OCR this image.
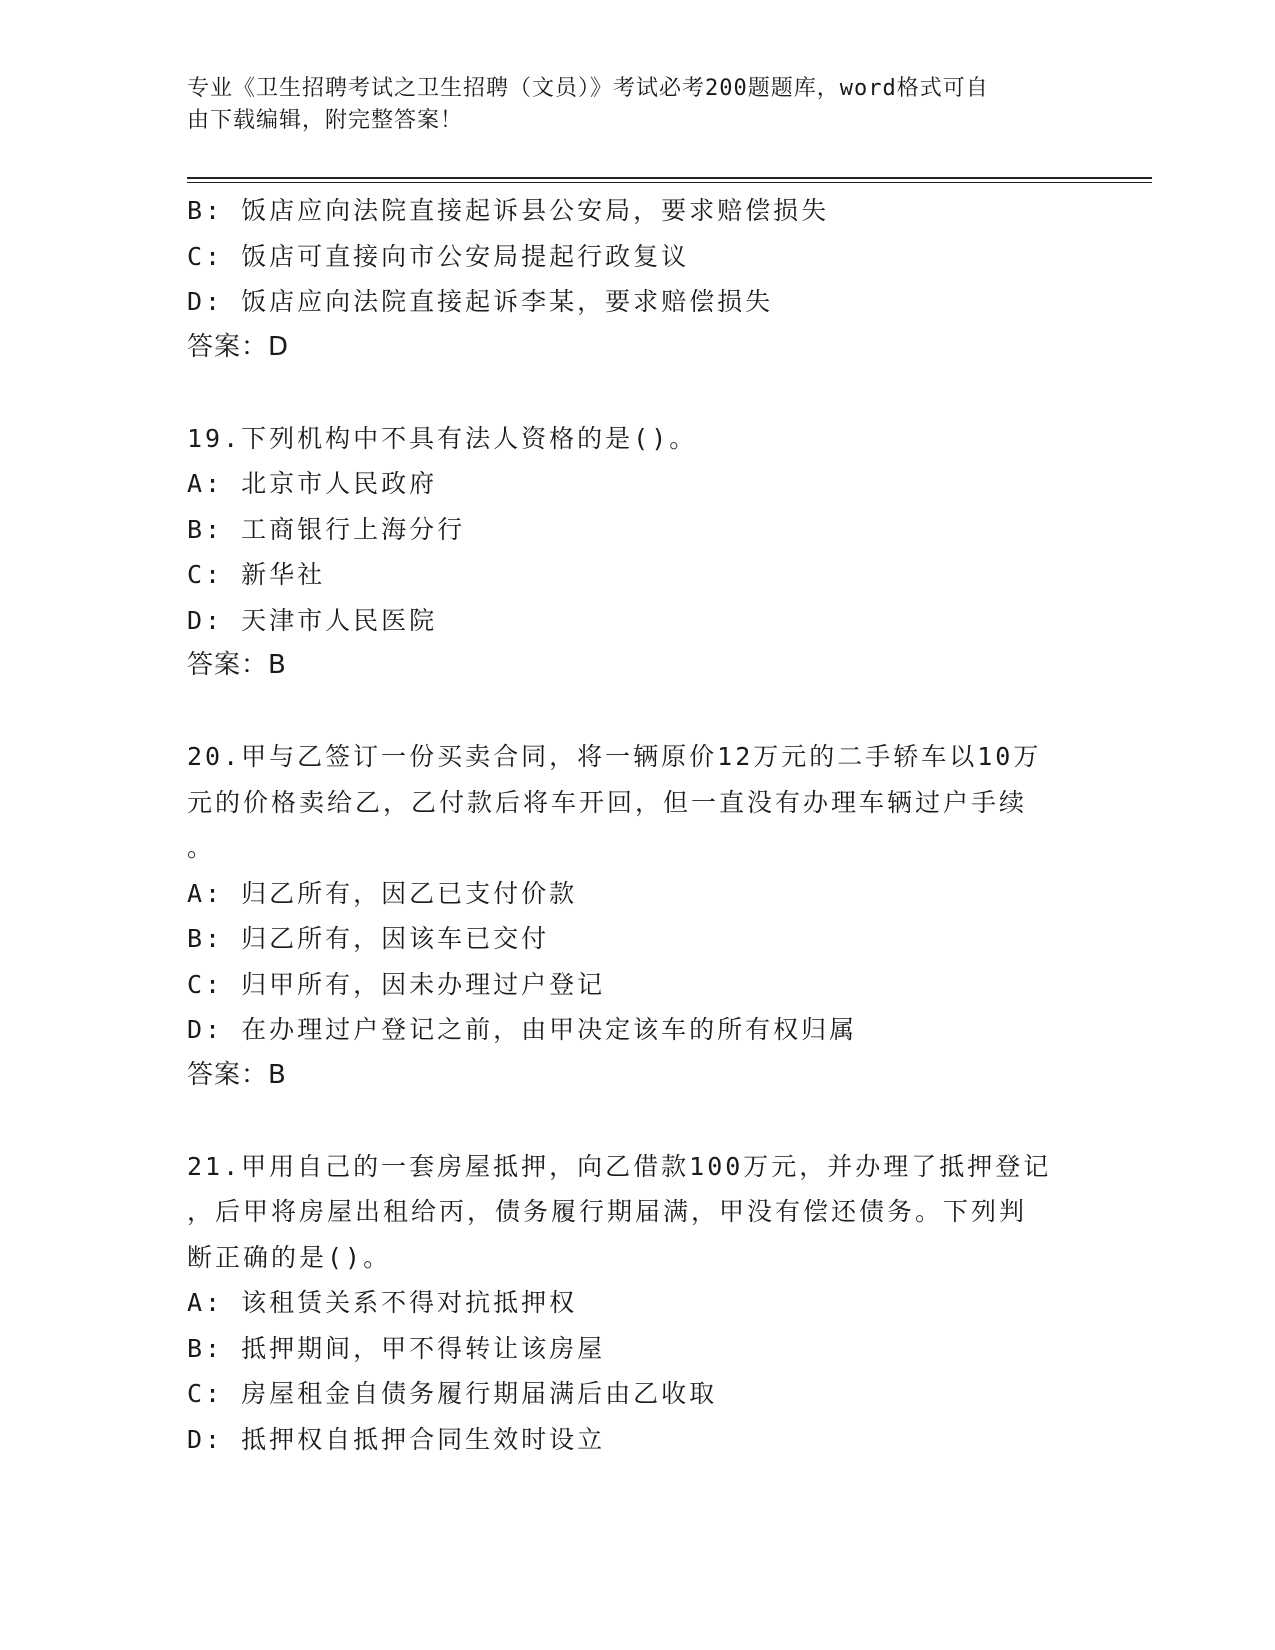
专业《卫生招聘考试之卫生招聘（文员）》考试必考200题题库，word格式可自
由下载编辑，附完整答案！
B: 饭店应向法院直接起诉县公安局，要求赔偿损失
C: 饭店可直接向市公安局提起行政复议
D: 饭店应向法院直接起诉李某，要求赔偿损失
答案：D
19.下列机构中不具有法人资格的是()。
A: 北京市人民政府
B: 工商银行上海分行
C: 新华社
D: 天津市人民医院
答案：B
20.甲与乙签订一份买卖合同，将一辆原价12万元的二手轿车以10万
元的价格卖给乙，乙付款后将车开回，但一直没有办理车辆过户手续
。
A: 归乙所有，因乙已支付价款
B: 归乙所有，因该车已交付
C: 归甲所有，因未办理过户登记
D: 在办理过户登记之前，由甲决定该车的所有权归属
答案：B
21.甲用自己的一套房屋抵押，向乙借款100万元，并办理了抵押登记
，后甲将房屋出租给丙，债务履行期届满，甲没有偿还债务。下列判
断正确的是()。
A: 该租赁关系不得对抗抵押权
B: 抵押期间，甲不得转让该房屋
C: 房屋租金自债务履行期届满后由乙收取
D: 抵押权自抵押合同生效时设立
